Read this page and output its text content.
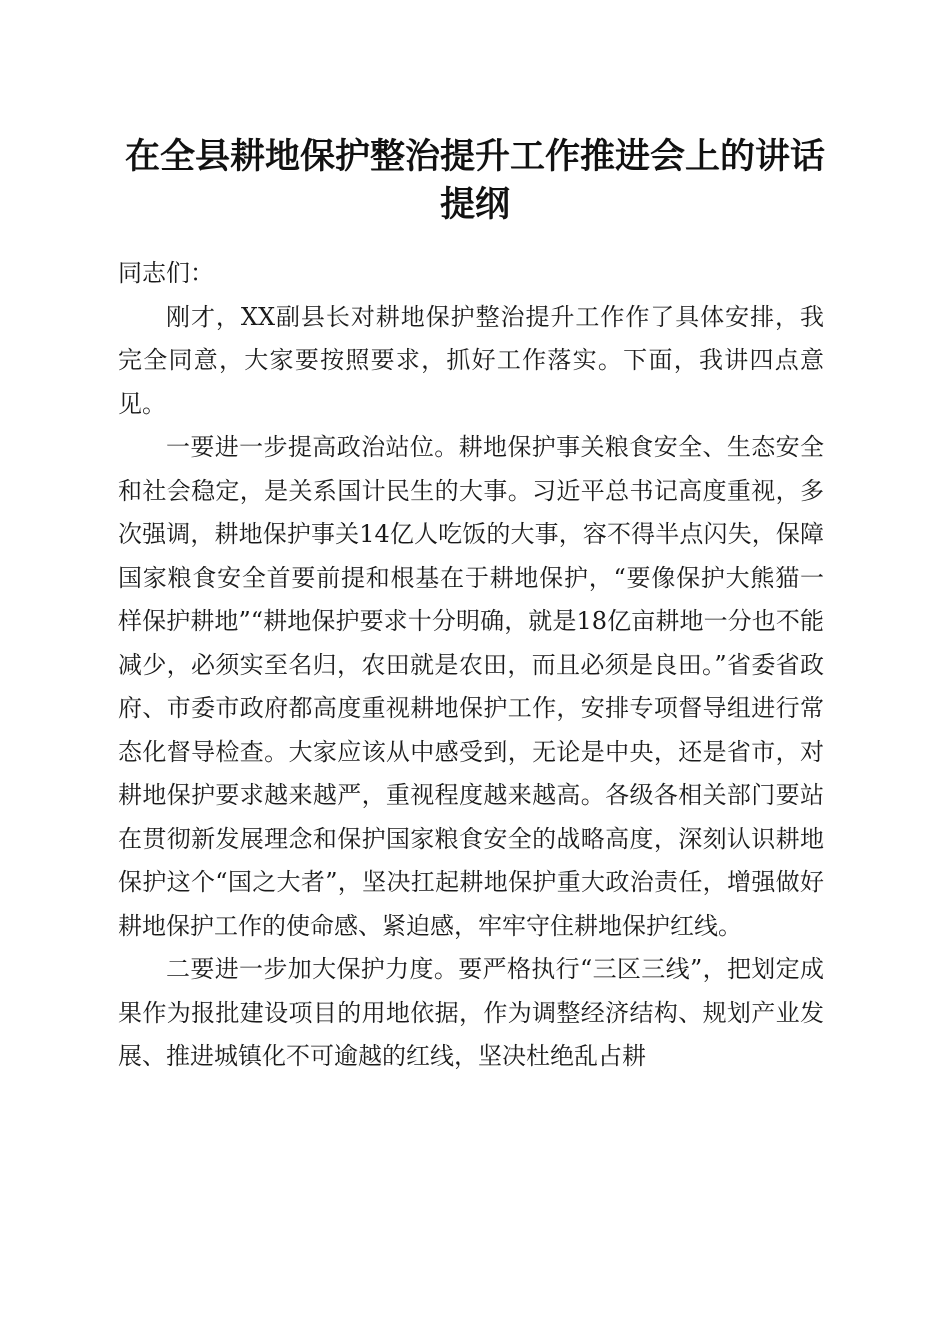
在全县耕地保护整治提升工作推进会上的讲话
提纲

同志们：

刚才，XX副县长对耕地保护整治提升工作作了具体安排，我完全同意，大家要按照要求，抓好工作落实。下面，我讲四点意见。

一要进一步提高政治站位。耕地保护事关粮食安全、生态安全和社会稳定，是关系国计民生的大事。习近平总书记高度重视，多次强调，耕地保护事关14亿人吃饭的大事，容不得半点闪失，保障国家粮食安全首要前提和根基在于耕地保护，“要像保护大熊猫一样保护耕地”“耕地保护要求十分明确，就是18亿亩耕地一分也不能减少，必须实至名归，农田就是农田，而且必须是良田。”省委省政府、市委市政府都高度重视耕地保护工作，安排专项督导组进行常态化督导检查。大家应该从中感受到，无论是中央，还是省市，对耕地保护要求越来越严，重视程度越来越高。各级各相关部门要站在贯彻新发展理念和保护国家粮食安全的战略高度，深刻认识耕地保护这个“国之大者”，坚决扛起耕地保护重大政治责任，增强做好耕地保护工作的使命感、紧迫感，牢牢守住耕地保护红线。

二要进一步加大保护力度。要严格执行“三区三线”，把划定成果作为报批建设项目的用地依据，作为调整经济结构、规划产业发展、推进城镇化不可逾越的红线，坚决杜绝乱占耕
